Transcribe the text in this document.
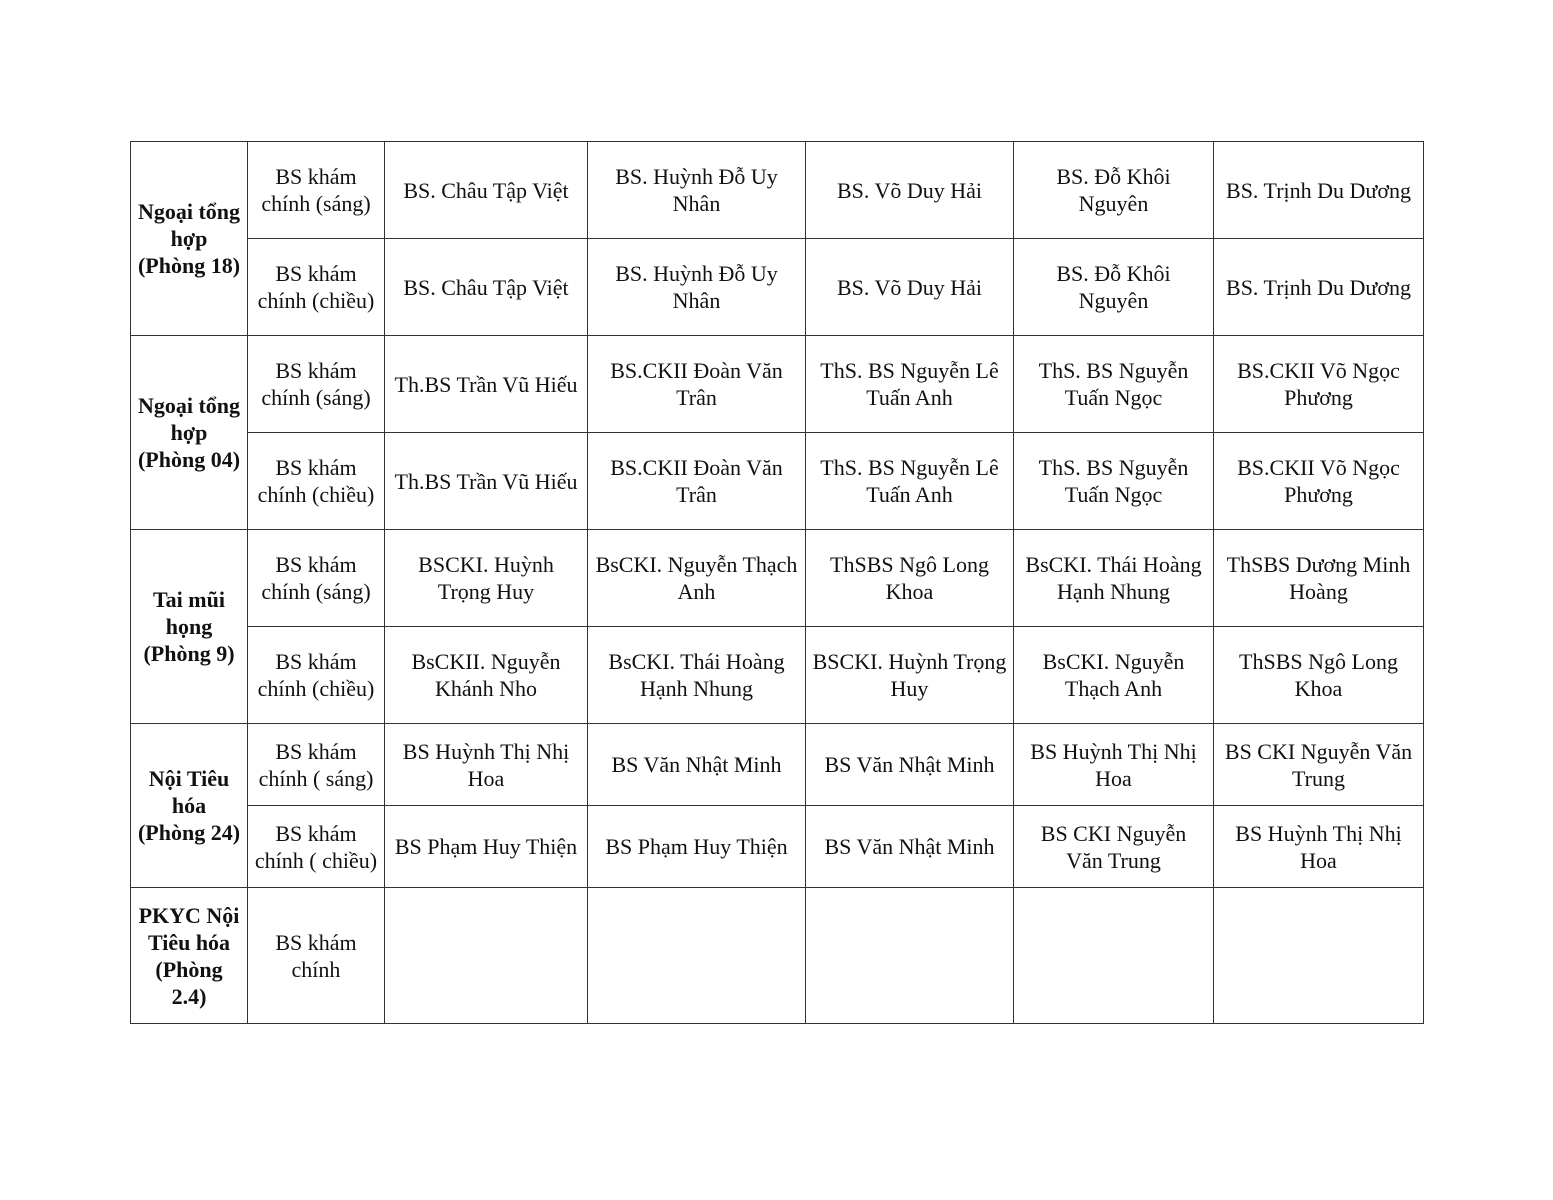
Ngoại tổng hợp (Phòng 18)	BS khám chính (sáng)	BS. Châu Tập Việt	BS. Huỳnh Đỗ Uy Nhân	BS. Võ Duy Hải	BS. Đỗ Khôi Nguyên	BS. Trịnh Du Dương
	BS khám chính (chiều)	BS. Châu Tập Việt	BS. Huỳnh Đỗ Uy Nhân	BS. Võ Duy Hải	BS. Đỗ Khôi Nguyên	BS. Trịnh Du Dương
Ngoại tổng hợp (Phòng 04)	BS khám chính (sáng)	Th.BS Trần Vũ Hiếu	BS.CKII Đoàn Văn Trân	ThS. BS Nguyễn Lê Tuấn Anh	ThS. BS Nguyễn Tuấn Ngọc	BS.CKII Võ Ngọc Phương
	BS khám chính (chiều)	Th.BS Trần Vũ Hiếu	BS.CKII Đoàn Văn Trân	ThS. BS Nguyễn Lê Tuấn Anh	ThS. BS Nguyễn Tuấn Ngọc	BS.CKII Võ Ngọc Phương
Tai mũi họng (Phòng 9)	BS khám chính (sáng)	BSCKI. Huỳnh Trọng Huy	BsCKI. Nguyễn Thạch Anh	ThSBS Ngô Long Khoa	BsCKI. Thái Hoàng Hạnh Nhung	ThSBS Dương Minh Hoàng
	BS khám chính (chiều)	BsCKII. Nguyễn Khánh Nho	BsCKI. Thái Hoàng Hạnh Nhung	BSCKI. Huỳnh Trọng Huy	BsCKI. Nguyễn Thạch Anh	ThSBS Ngô Long Khoa
Nội Tiêu hóa (Phòng 24)	BS khám chính ( sáng)	BS Huỳnh Thị Nhị Hoa	BS Văn Nhật Minh	BS Văn Nhật Minh	BS Huỳnh Thị Nhị Hoa	BS CKI Nguyễn Văn Trung
	BS khám chính ( chiều)	BS Phạm Huy Thiện	BS Phạm Huy Thiện	BS Văn Nhật Minh	BS CKI Nguyễn Văn Trung	BS Huỳnh Thị Nhị Hoa
PKYC Nội Tiêu hóa (Phòng 2.4)	BS khám chính					
